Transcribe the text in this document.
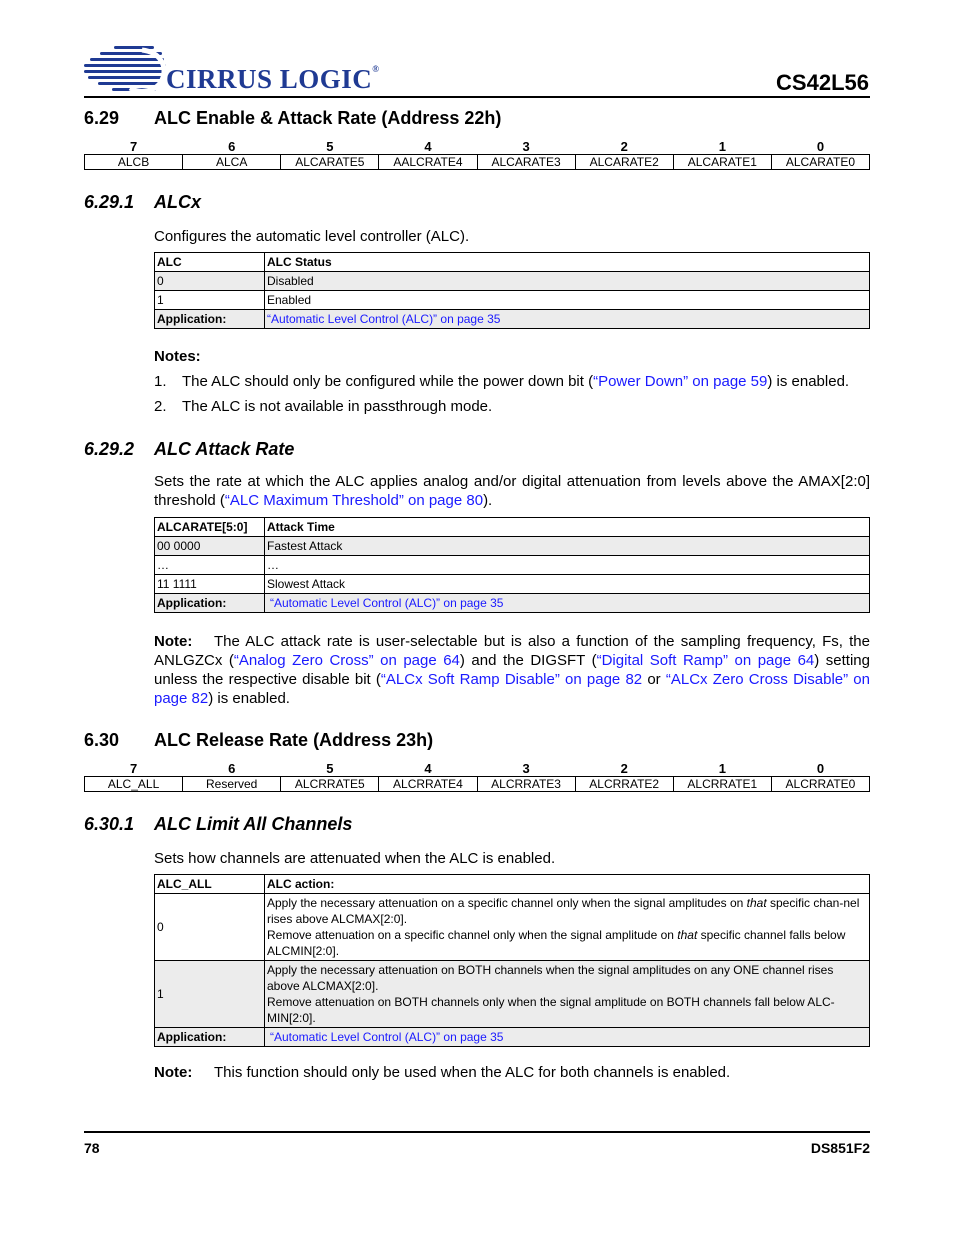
CIRRUS LOGIC®
CS42L56
6.29 ALC Enable & Attack Rate (Address 22h)
7	6	5	4	3	2	1	0
ALCB	ALCA	ALCARATE5	AALCRATE4	ALCARATE3	ALCARATE2	ALCARATE1	ALCARATE0
6.29.1 ALCx
Configures the automatic level controller (ALC).
ALC	ALC Status
0	Disabled
1	Enabled
Application:	“Automatic Level Control (ALC)” on page 35
Notes:
1. The ALC should only be configured while the power down bit (“Power Down” on page 59) is enabled.
2. The ALC is not available in passthrough mode.
6.29.2 ALC Attack Rate
Sets the rate at which the ALC applies analog and/or digital attenuation from levels above the AMAX[2:0] threshold (“ALC Maximum Threshold” on page 80).
ALCARATE[5:0]	Attack Time
00 0000	Fastest Attack
…	…
11 1111	Slowest Attack
Application:	“Automatic Level Control (ALC)” on page 35
Note: The ALC attack rate is user-selectable but is also a function of the sampling frequency, Fs, the ANLGZCx (“Analog Zero Cross” on page 64) and the DIGSFT (“Digital Soft Ramp” on page 64) setting unless the respective disable bit (“ALCx Soft Ramp Disable” on page 82 or “ALCx Zero Cross Disable” on page 82) is enabled.
6.30 ALC Release Rate (Address 23h)
7	6	5	4	3	2	1	0
ALC_ALL	Reserved	ALCRRATE5	ALCRRATE4	ALCRRATE3	ALCRRATE2	ALCRRATE1	ALCRRATE0
6.30.1 ALC Limit All Channels
Sets how channels are attenuated when the ALC is enabled.
ALC_ALL	ALC action:
0	Apply the necessary attenuation on a specific channel only when the signal amplitudes on that specific chan-nel rises above ALCMAX[2:0].
Remove attenuation on a specific channel only when the signal amplitude on that specific channel falls below ALCMIN[2:0].
1	Apply the necessary attenuation on BOTH channels when the signal amplitudes on any ONE channel rises above ALCMAX[2:0].
Remove attenuation on BOTH channels only when the signal amplitude on BOTH channels fall below ALC-MIN[2:0].
Application:	“Automatic Level Control (ALC)” on page 35
Note: This function should only be used when the ALC for both channels is enabled.
78	DS851F2
